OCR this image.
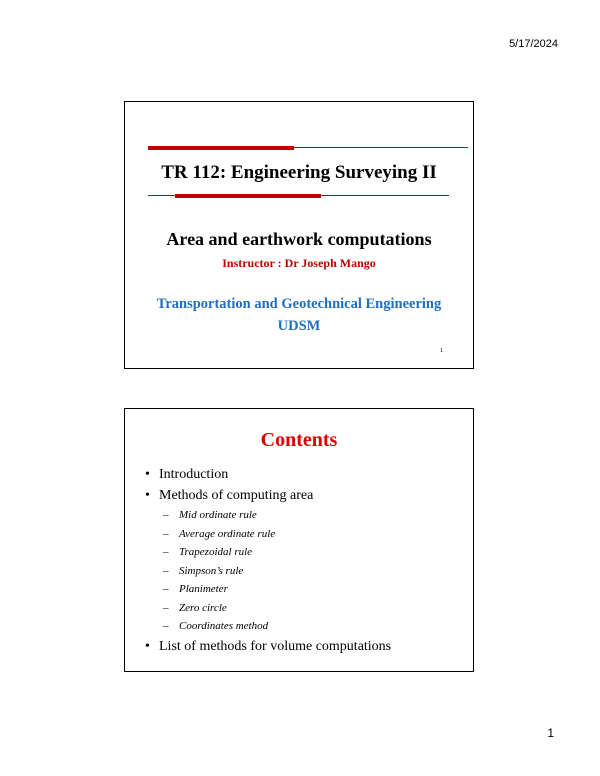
5/17/2024
TR 112: Engineering Surveying II
Area and earthwork computations
Instructor : Dr Joseph Mango
Transportation and Geotechnical Engineering
UDSM
1
Contents
• Introduction
• Methods of computing area
– Mid ordinate rule
– Average ordinate rule
– Trapezoidal rule
– Simpson’s rule
– Planimeter
– Zero circle
– Coordinates method
• List of methods for volume computations
1
